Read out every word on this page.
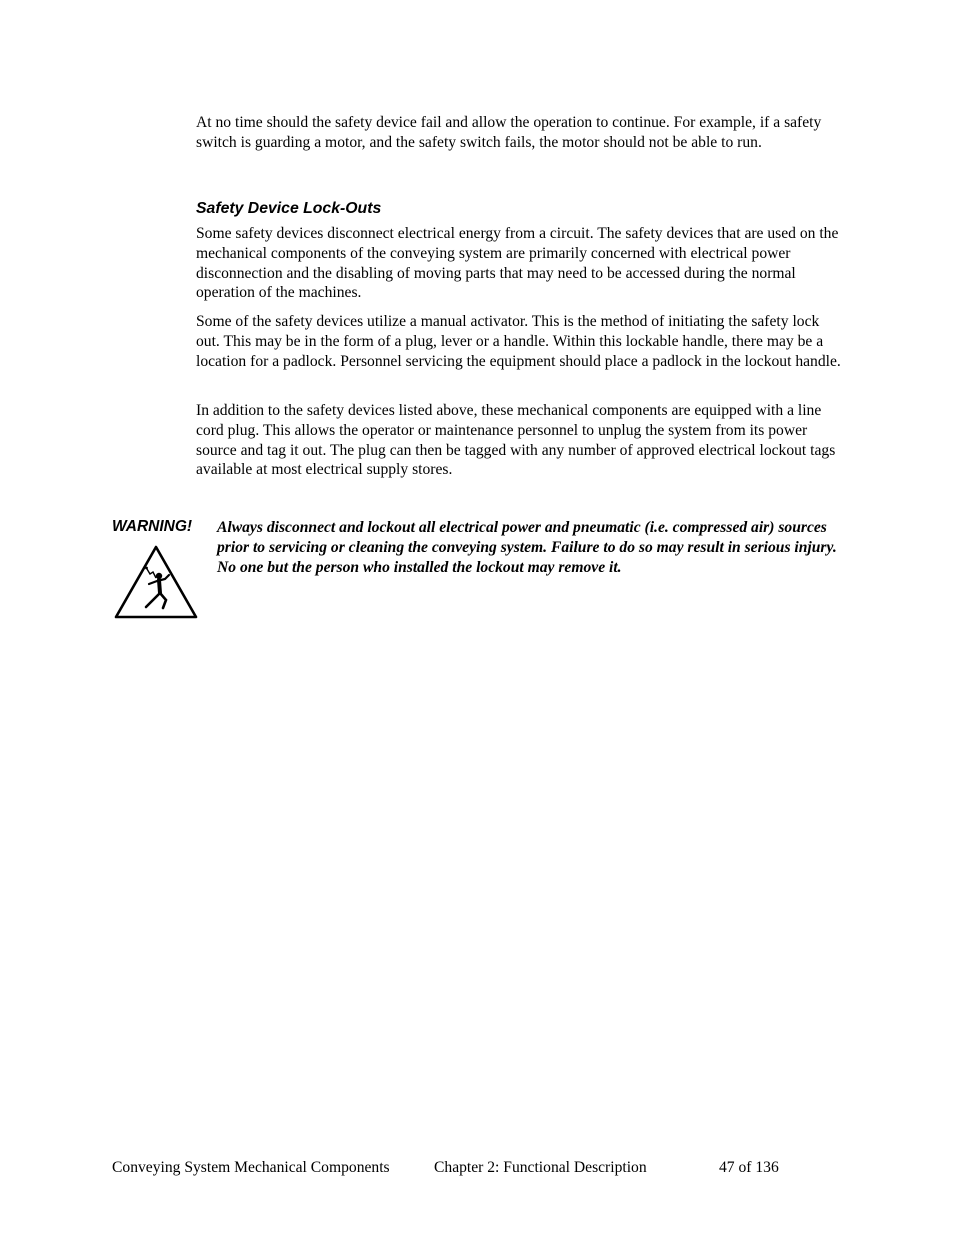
At no time should the safety device fail and allow the operation to continue. For example, if a safety switch is guarding a motor, and the safety switch fails, the motor should not be able to run.

Safety Device Lock-Outs

Some safety devices disconnect electrical energy from a circuit. The safety devices that are used on the mechanical components of the conveying system are primarily concerned with electrical power disconnection and the disabling of moving parts that may need to be accessed during the normal operation of the machines.

Some of the safety devices utilize a manual activator. This is the method of initiating the safety lock out. This may be in the form of a plug, lever or a handle. Within this lockable handle, there may be a location for a padlock. Personnel servicing the equipment should place a padlock in the lockout handle.

In addition to the safety devices listed above, these mechanical components are equipped with a line cord plug. This allows the operator or maintenance personnel to unplug the system from its power source and tag it out. The plug can then be tagged with any number of approved electrical lockout tags available at most electrical supply stores.

WARNING! Always disconnect and lockout all electrical power and pneumatic (i.e. compressed air) sources prior to servicing or cleaning the conveying system. Failure to do so may result in serious injury. No one but the person who installed the lockout may remove it.

Conveying System Mechanical Components	Chapter 2: Functional Description	47 of 136
